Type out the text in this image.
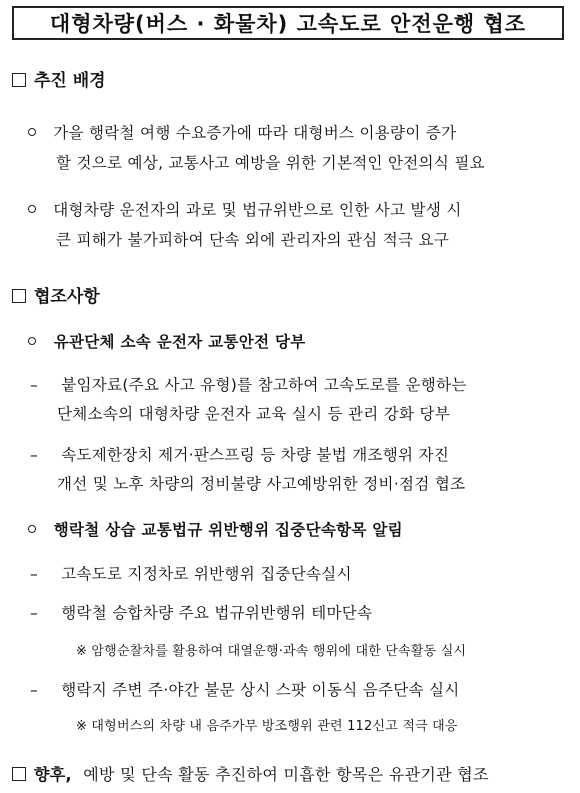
대형차량(버스 · 화물차) 고속도로 안전운행 협조
추진 배경
가을 행락철 여행 수요증가에 따라 대형버스 이용량이 증가
할 것으로 예상, 교통사고 예방을 위한 기본적인 안전의식 필요
대형차량 운전자의 과로 및 법규위반으로 인한 사고 발생 시
큰 피해가 불가피하여 단속 외에 관리자의 관심 적극 요구
협조사항
유관단체 소속 운전자 교통안전 당부
– 붙임자료(주요 사고 유형)를 참고하여 고속도로를 운행하는
단체소속의 대형차량 운전자 교육 실시 등 관리 강화 당부
– 속도제한장치 제거·판스프링 등 차량 불법 개조행위 자진
개선 및 노후 차량의 정비불량 사고예방위한 정비·점검 협조
행락철 상습 교통법규 위반행위 집중단속항목 알림
– 고속도로 지정차로 위반행위 집중단속실시
– 행락철 승합차량 주요 법규위반행위 테마단속
※ 암행순찰차를 활용하여 대열운행·과속 행위에 대한 단속활동 실시
– 행락지 주변 주·야간 불문 상시 스팟 이동식 음주단속 실시
※ 대형버스의 차량 내 음주가무 방조행위 관련 112신고 적극 대응
향후, 예방 및 단속 활동 추진하여 미흡한 항목은 유관기관 협조
